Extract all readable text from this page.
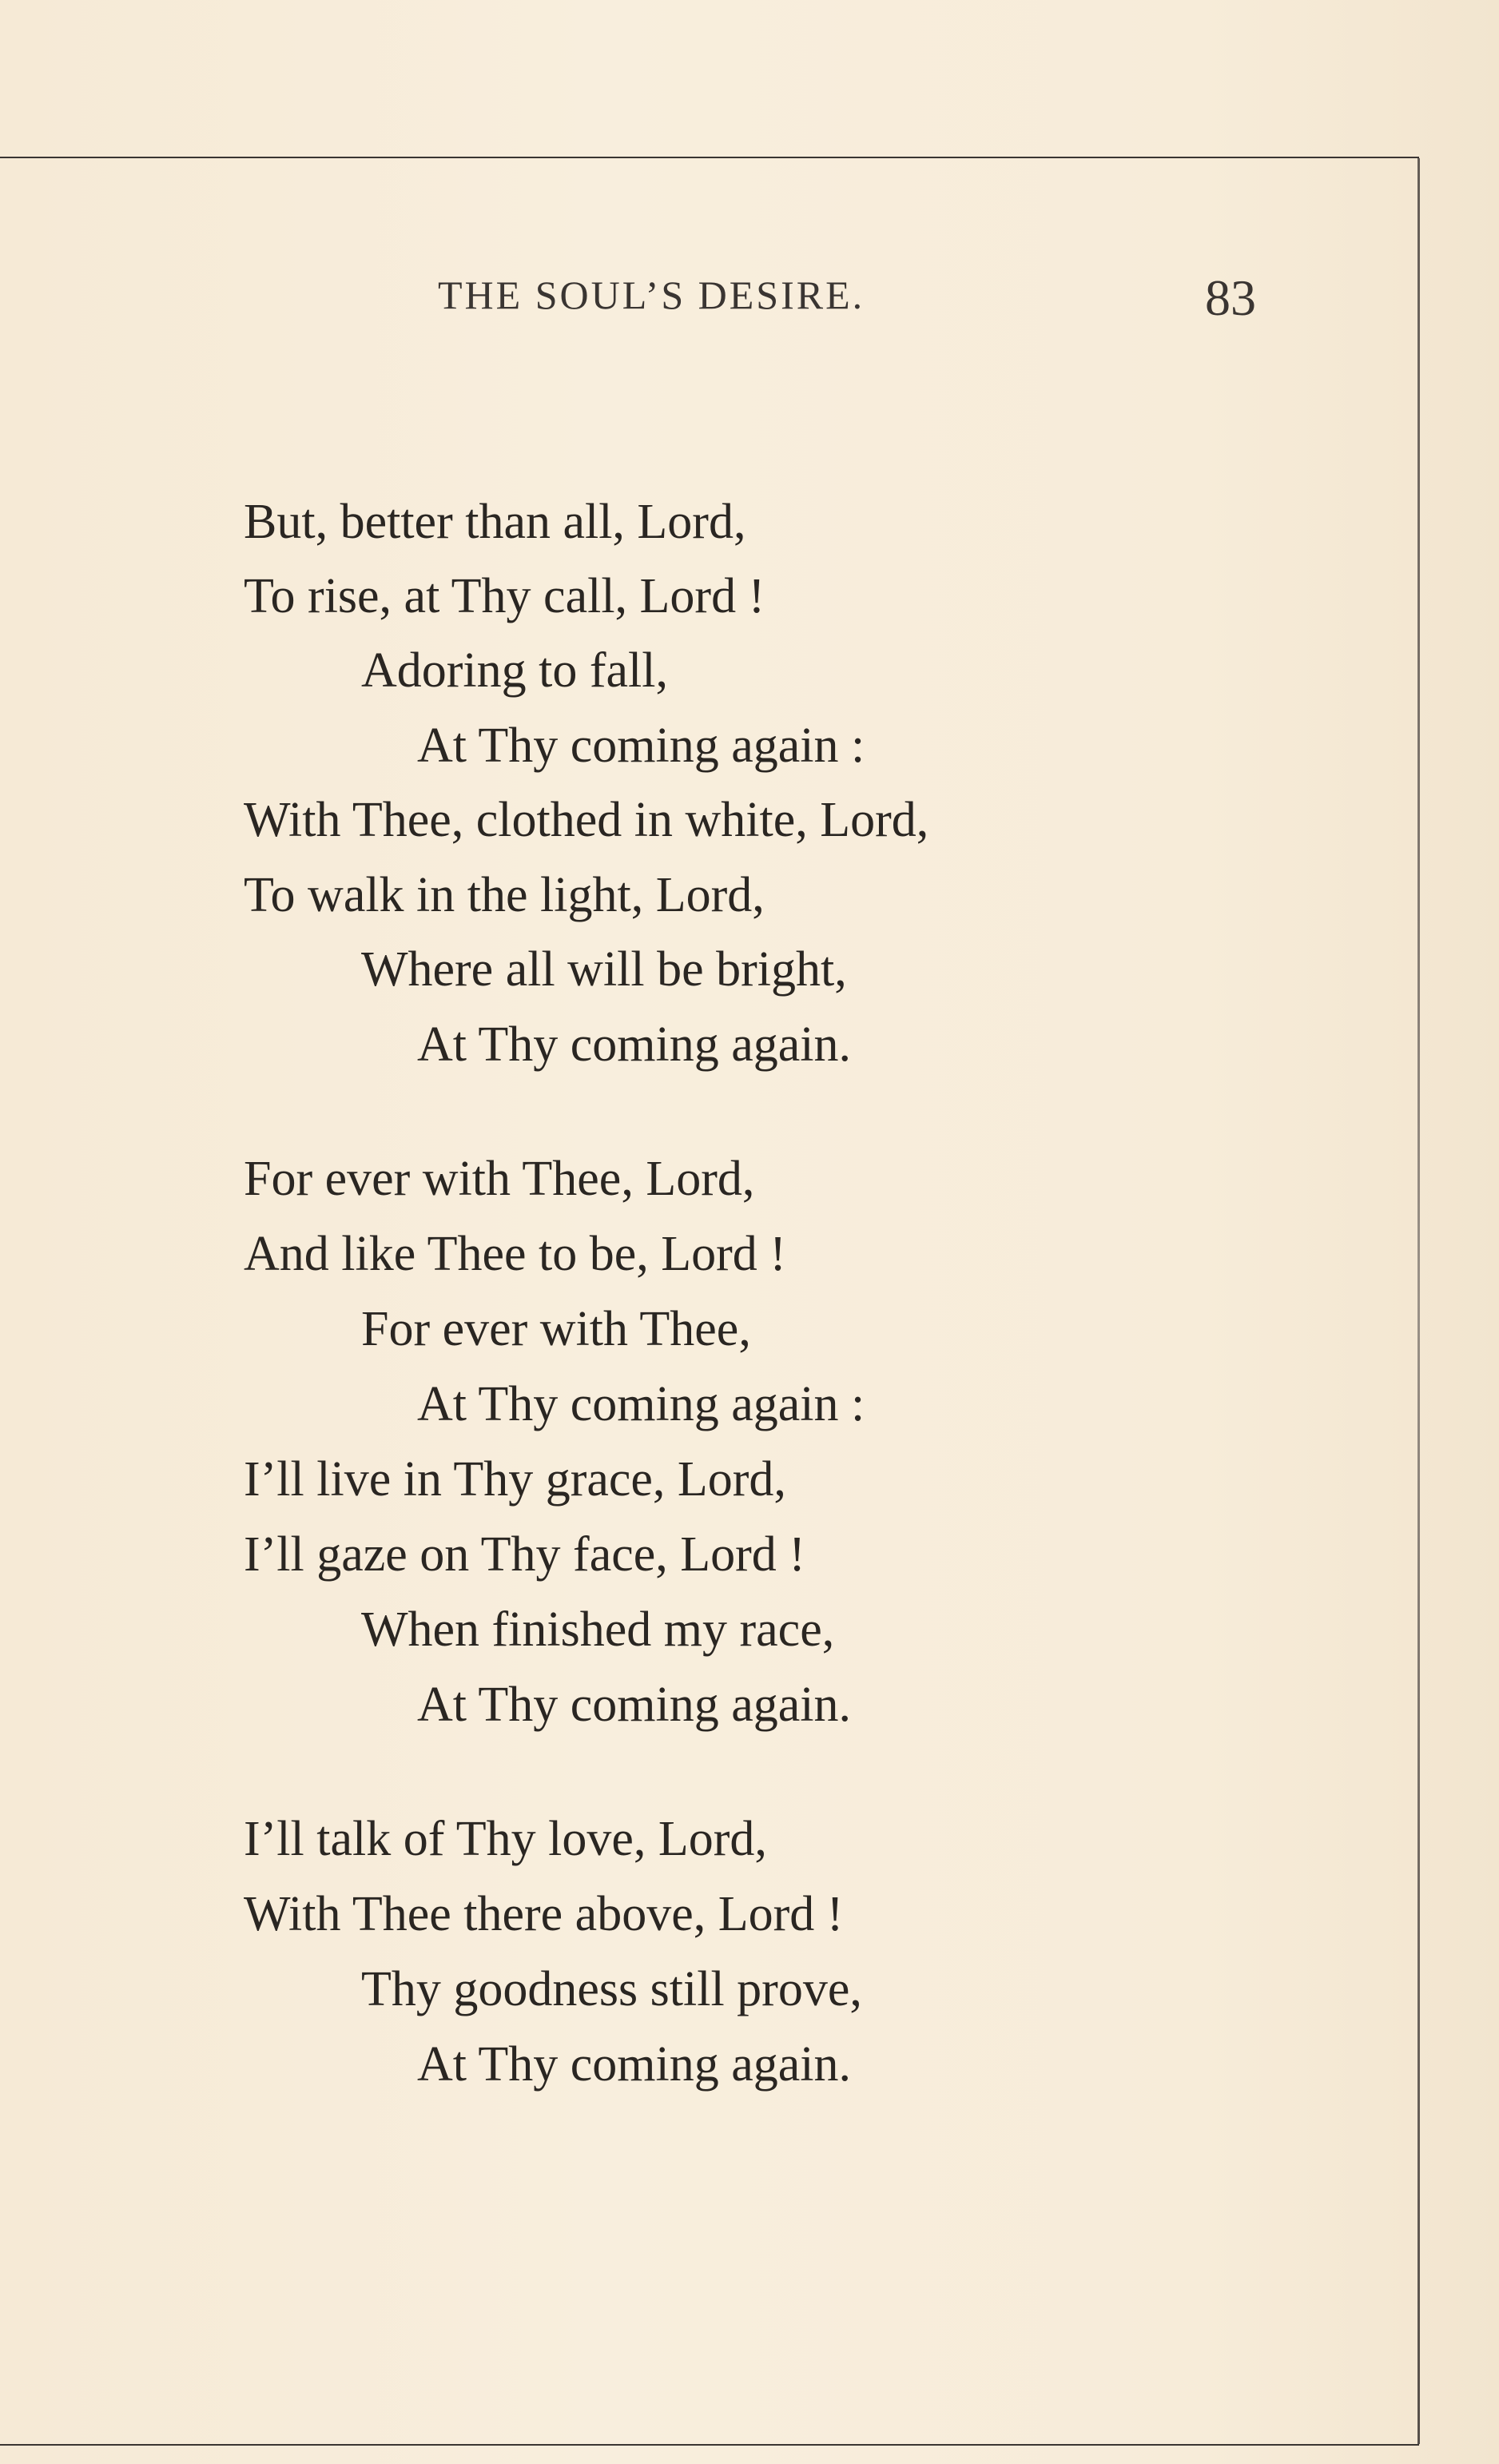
THE SOUL’S DESIRE.	83
But, better than all, Lord,
To rise, at Thy call, Lord !
Adoring to fall,
At Thy coming again :
With Thee, clothed in white, Lord,
To walk in the light, Lord,
Where all will be bright,
At Thy coming again.
For ever with Thee, Lord,
And like Thee to be, Lord !
For ever with Thee,
At Thy coming again :
I’ll live in Thy grace, Lord,
I’ll gaze on Thy face, Lord !
When finished my race,
At Thy coming again.
I’ll talk of Thy love, Lord,
With Thee there above, Lord !
Thy goodness still prove,
At Thy coming again.
